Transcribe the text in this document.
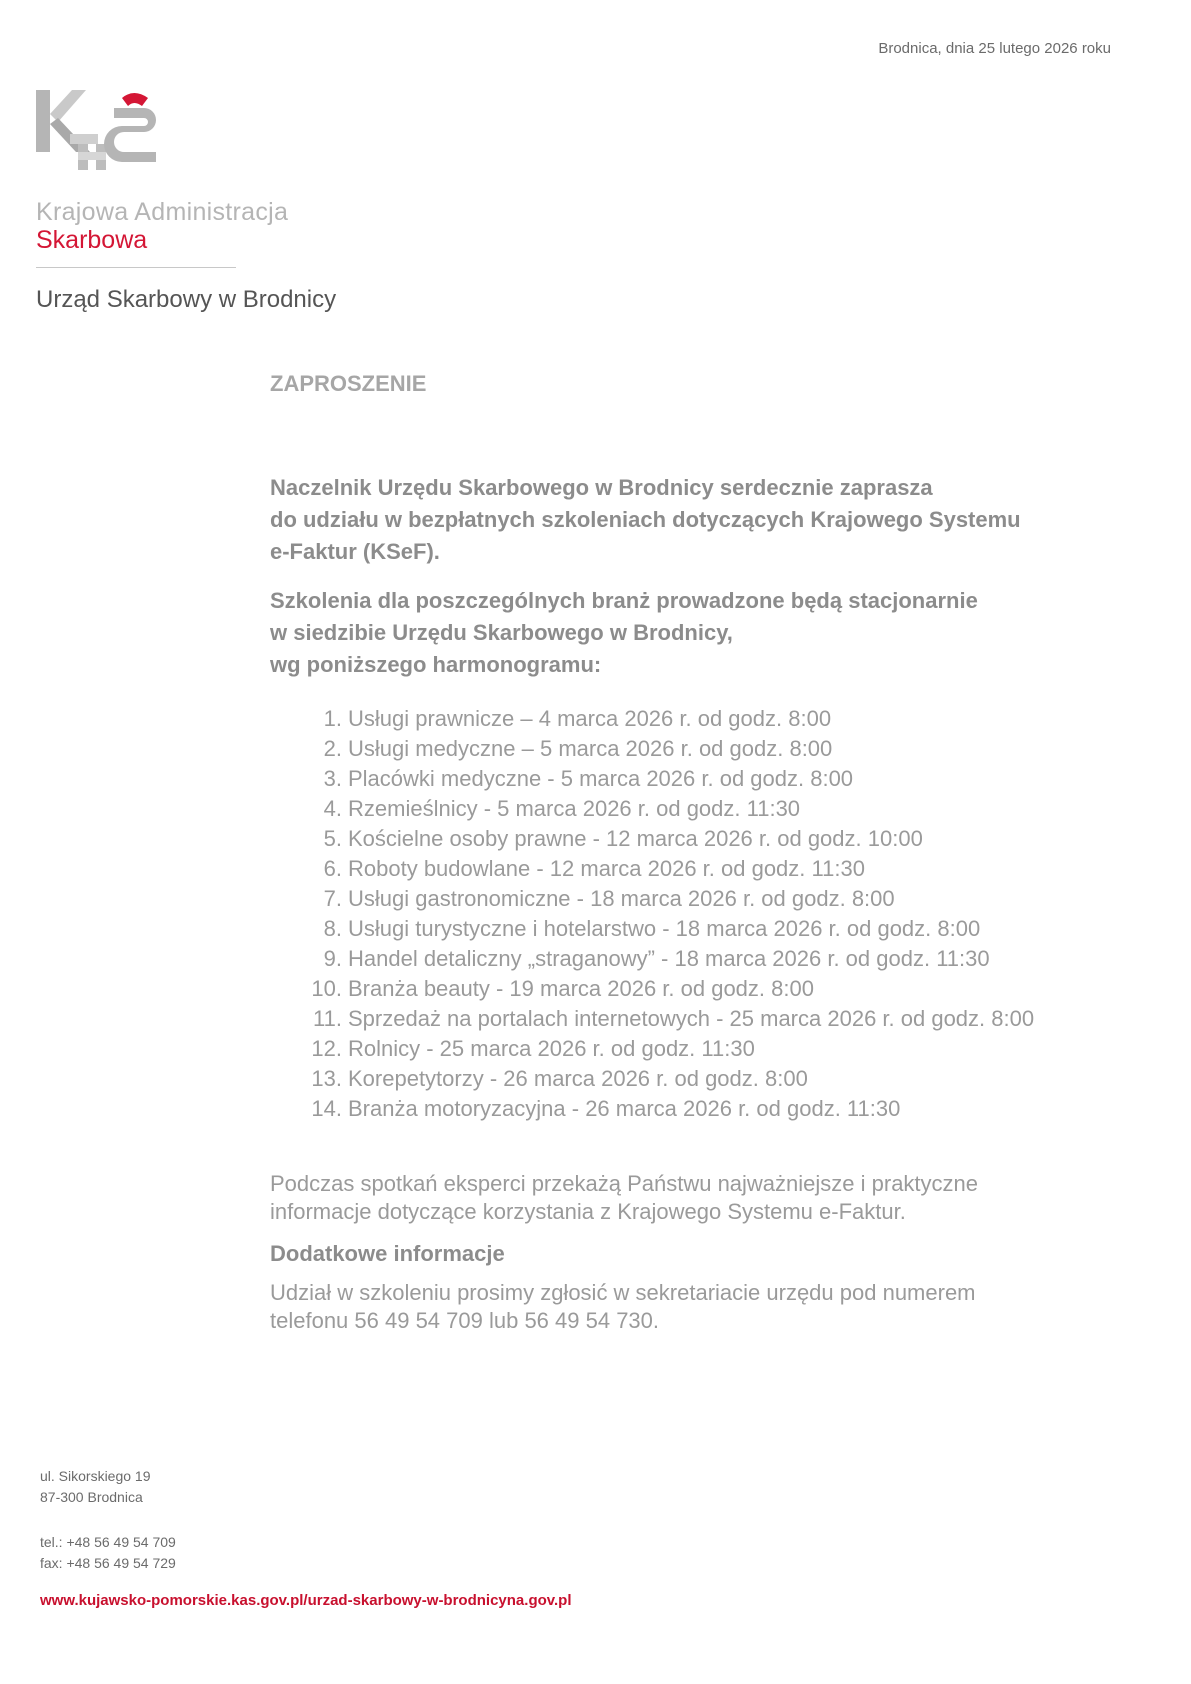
Brodnica, dnia 25 lutego 2026 roku
Krajowa Administracja
Skarbowa
Urząd Skarbowy w Brodnicy
ZAPROSZENIE
Naczelnik Urzędu Skarbowego w Brodnicy serdecznie zaprasza
do udziału w bezpłatnych szkoleniach dotyczących Krajowego Systemu
e-Faktur (KSeF).
Szkolenia dla poszczególnych branż prowadzone będą stacjonarnie
w siedzibie Urzędu Skarbowego w Brodnicy,
wg poniższego harmonogramu:
1. Usługi prawnicze – 4 marca 2026 r. od godz. 8:00
2. Usługi medyczne – 5 marca 2026 r. od godz. 8:00
3. Placówki medyczne - 5 marca 2026 r. od godz. 8:00
4. Rzemieślnicy - 5 marca 2026 r. od godz. 11:30
5. Kościelne osoby prawne - 12 marca 2026 r. od godz. 10:00
6. Roboty budowlane - 12 marca 2026 r. od godz. 11:30
7. Usługi gastronomiczne - 18 marca 2026 r. od godz. 8:00
8. Usługi turystyczne i hotelarstwo - 18 marca 2026 r. od godz. 8:00
9. Handel detaliczny „straganowy” - 18 marca 2026 r. od godz. 11:30
10. Branża beauty - 19 marca 2026 r. od godz. 8:00
11. Sprzedaż na portalach internetowych - 25 marca 2026 r. od godz. 8:00
12. Rolnicy - 25 marca 2026 r. od godz. 11:30
13. Korepetytorzy - 26 marca 2026 r. od godz. 8:00
14. Branża motoryzacyjna - 26 marca 2026 r. od godz. 11:30
Podczas spotkań eksperci przekażą Państwu najważniejsze i praktyczne
informacje dotyczące korzystania z Krajowego Systemu e-Faktur.
Dodatkowe informacje
Udział w szkoleniu prosimy zgłosić w sekretariacie urzędu pod numerem
telefonu 56 49 54 709 lub 56 49 54 730.
ul. Sikorskiego 19
87-300 Brodnica
tel.: +48 56 49 54 709
fax: +48 56 49 54 729
www.kujawsko-pomorskie.kas.gov.pl/urzad-skarbowy-w-brodnicyna.gov.pl
